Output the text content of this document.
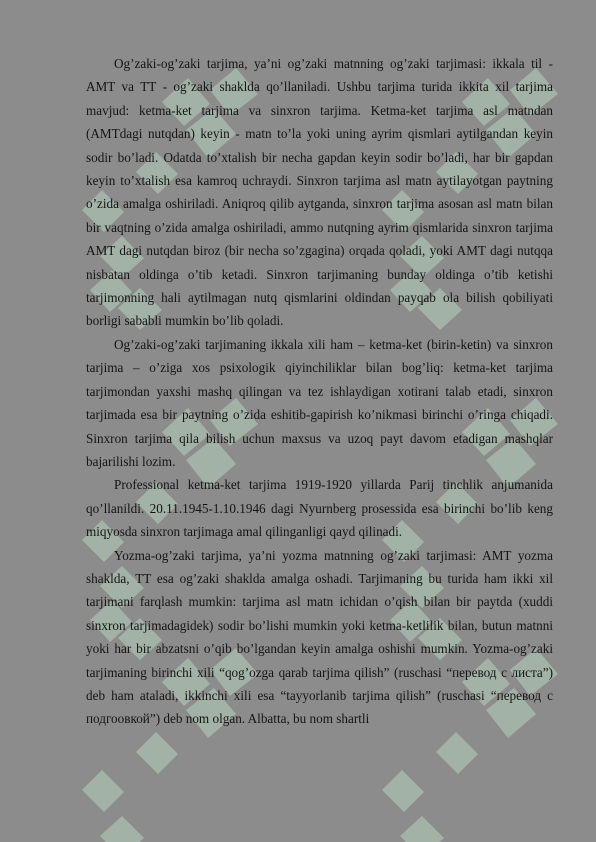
Og’zaki-og’zaki tarjima, ya’ni og’zaki matnning og’zaki tarjimasi: ikkala til - AMT va TT - og’zaki shaklda qo’llaniladi. Ushbu tarjima turida ikkita xil tarjima mavjud: ketma-ket tarjima va sinxron tarjima. Ketma-ket tarjima asl matndan (AMTdagi nutqdan) keyin - matn to’la yoki uning ayrim qismlari aytilgandan keyin sodir bo’ladi. Odatda to’xtalish bir necha gapdan keyin sodir bo’ladi, har bir gapdan keyin to’xtalish esa kamroq uchraydi. Sinxron tarjima asl matn aytilayotgan paytning o’zida amalga oshiriladi. Aniqroq qilib aytganda, sinxron tarjima asosan asl matn bilan bir vaqtning o’zida amalga oshiriladi, ammo nutqning ayrim qismlarida sinxron tarjima AMT dagi nutqdan biroz (bir necha so’zgagina) orqada qoladi, yoki AMT dagi nutqqa nisbatan oldinga o’tib ketadi. Sinxron tarjimaning bunday oldinga o’tib ketishi tarjimonning hali aytilmagan nutq qismlarini oldindan payqab ola bilish qobiliyati borligi sababli mumkin bo’lib qoladi.

Og’zaki-og’zaki tarjimaning ikkala xili ham – ketma-ket (birin-ketin) va sinxron tarjima – o’ziga xos psixologik qiyinchiliklar bilan bog’liq: ketma-ket tarjima tarjimondan yaxshi mashq qilingan va tez ishlaydigan xotirani talab etadi, sinxron tarjimada esa bir paytning o’zida eshitib-gapirish ko’nikmasi birinchi o’ringa chiqadi. Sinxron tarjima qila bilish uchun maxsus va uzoq payt davom etadigan mashqlar bajarilishi lozim.

Professional ketma-ket tarjima 1919-1920 yillarda Parij tinchlik anjumanida qo’llanildi. 20.11.1945-1.10.1946 dagi Nyurnberg prosessida esa birinchi bo’lib keng miqyosda sinxron tarjimaga amal qilinganligi qayd qilinadi.

Yozma-og’zaki tarjima, ya’ni yozma matnning og’zaki tarjimasi: AMT yozma shaklda, TT esa og’zaki shaklda amalga oshadi. Tarjimaning bu turida ham ikki xil tarjimani farqlash mumkin: tarjima asl matn ichidan o’qish bilan bir paytda (xuddi sinxron tarjimadagidek) sodir bo’lishi mumkin yoki ketma-ketlilik bilan, butun matnni yoki har bir abzatsni o’qib bo’lgandan keyin amalga oshishi mumkin. Yozma-og’zaki tarjimaning birinchi xili “qog’ozga qarab tarjima qilish” (ruschasi “перевод с листа”) deb ham ataladi, ikkinchi xili esa “tayyorlanib tarjima qilish” (ruschasi “перевод с подгоовкой”) deb nom olgan. Albatta, bu nom shartli
